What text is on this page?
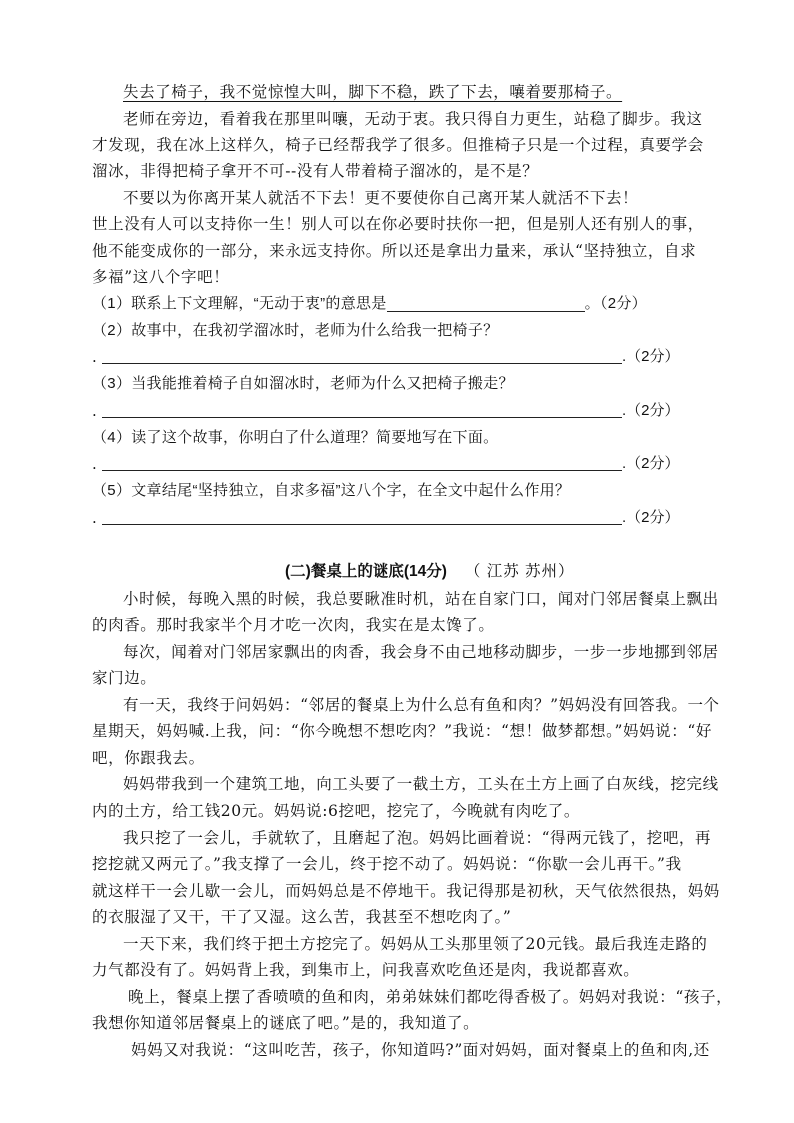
失去了椅子，我不觉惊惶大叫，脚下不稳，跌了下去，嚷着要那椅子。
老师在旁边，看着我在那里叫嚷，无动于衷。我只得自力更生，站稳了脚步。我这
才发现，我在冰上这样久，椅子已经帮我学了很多。但推椅子只是一个过程，真要学会
溜冰，非得把椅子拿开不可--没有人带着椅子溜冰的，是不是？
不要以为你离开某人就活不下去！更不要使你自己离开某人就活不下去！
世上没有人可以支持你一生！别人可以在你必要时扶你一把，但是别人还有别人的事，
他不能变成你的一部分，来永远支持你。所以还是拿出力量来，承认“坚持独立，自求
多福”这八个字吧！
（1）联系上下文理解，“无动于衷”的意思是	。（2分）
（2）故事中，在我初学溜冰时，老师为什么给我一把椅子？
.	.（2分）
（3）当我能推着椅子自如溜冰时，老师为什么又把椅子搬走？
.	.（2分）
（4）读了这个故事，你明白了什么道理？简要地写在下面。
.	.（2分）
（5）文章结尾“坚持独立，自求多福”这八个字，在全文中起什么作用？
.	.（2分）
(二)餐桌上的谜底(14分) （ 江苏 苏州）
小时候，每晚入黑的时候，我总要瞅准时机，站在自家门口，闻对门邻居餐桌上飘出
的肉香。那时我家半个月才吃一次肉，我实在是太馋了。
每次，闻着对门邻居家飘出的肉香，我会身不由己地移动脚步，一步一步地挪到邻居
家门边。
有一天，我终于问妈妈：“邻居的餐桌上为什么总有鱼和肉？”妈妈没有回答我。一个
星期天，妈妈喊.上我，问：“你今晚想不想吃肉？”我说：“想！做梦都想。”妈妈说：“好
吧，你跟我去。
妈妈带我到一个建筑工地，向工头要了一截土方，工头在土方上画了白灰线，挖完线
内的土方，给工钱20元。妈妈说:6挖吧，挖完了，今晚就有肉吃了。
我只挖了一会儿，手就软了，且磨起了泡。妈妈比画着说：“得两元钱了，挖吧，再
挖挖就又两元了。”我支撑了一会儿，终于挖不动了。妈妈说：“你歇一会儿再干。”我
就这样干一会儿歇一会儿，而妈妈总是不停地干。我记得那是初秋，天气依然很热，妈妈
的衣服湿了又干，干了又湿。这么苦，我甚至不想吃肉了。”
一天下来，我们终于把土方挖完了。妈妈从工头那里领了20元钱。最后我连走路的
力气都没有了。妈妈背上我，到集市上，问我喜欢吃鱼还是肉，我说都喜欢。
晚上，餐桌上摆了香喷喷的鱼和肉，弟弟妹妹们都吃得香极了。妈妈对我说：“孩子，
我想你知道邻居餐桌上的谜底了吧。”是的，我知道了。
妈妈又对我说：“这叫吃苦，孩子，你知道吗?”面对妈妈，面对餐桌上的鱼和肉,还
